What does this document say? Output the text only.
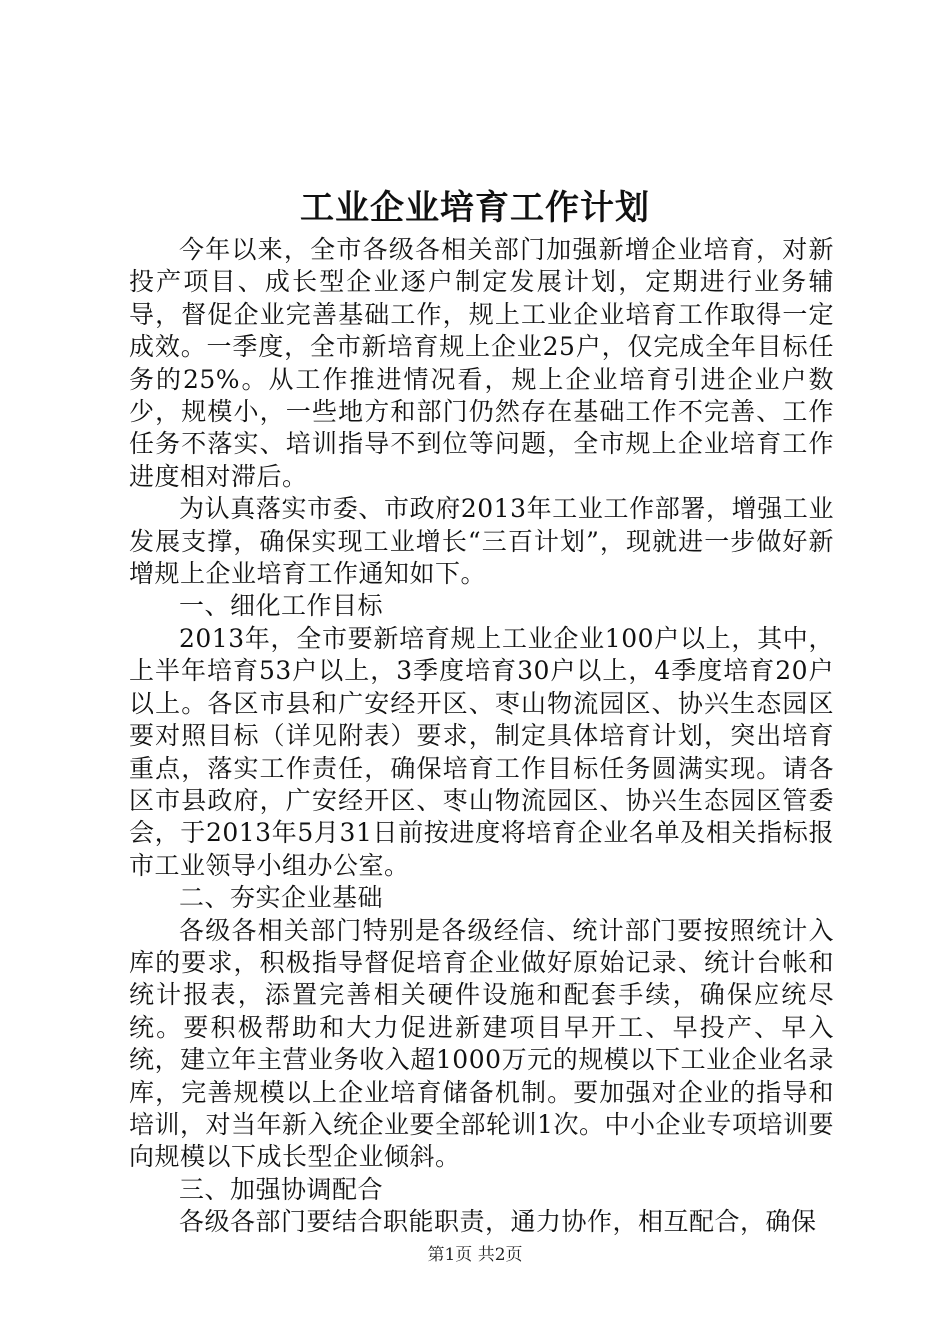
工业企业培育工作计划

今年以来，全市各级各相关部门加强新增企业培育，对新投产项目、成长型企业逐户制定发展计划，定期进行业务辅导，督促企业完善基础工作，规上工业企业培育工作取得一定成效。一季度，全市新培育规上企业25户，仅完成全年目标任务的25%。从工作推进情况看，规上企业培育引进企业户数少，规模小，一些地方和部门仍然存在基础工作不完善、工作任务不落实、培训指导不到位等问题，全市规上企业培育工作进度相对滞后。

为认真落实市委、市政府2013年工业工作部署，增强工业发展支撑，确保实现工业增长“三百计划”，现就进一步做好新增规上企业培育工作通知如下。

一、细化工作目标

2013年，全市要新培育规上工业企业100户以上，其中，上半年培育53户以上，3季度培育30户以上，4季度培育20户以上。各区市县和广安经开区、枣山物流园区、协兴生态园区要对照目标（详见附表）要求，制定具体培育计划，突出培育重点，落实工作责任，确保培育工作目标任务圆满实现。请各区市县政府，广安经开区、枣山物流园区、协兴生态园区管委会，于2013年5月31日前按进度将培育企业名单及相关指标报市工业领导小组办公室。

二、夯实企业基础

各级各相关部门特别是各级经信、统计部门要按照统计入库的要求，积极指导督促培育企业做好原始记录、统计台帐和统计报表，添置完善相关硬件设施和配套手续，确保应统尽统。要积极帮助和大力促进新建项目早开工、早投产、早入统，建立年主营业务收入超1000万元的规模以下工业企业名录库，完善规模以上企业培育储备机制。要加强对企业的指导和培训，对当年新入统企业要全部轮训1次。中小企业专项培训要向规模以下成长型企业倾斜。

三、加强协调配合

各级各部门要结合职能职责，通力协作，相互配合，确保

第1页 共2页
